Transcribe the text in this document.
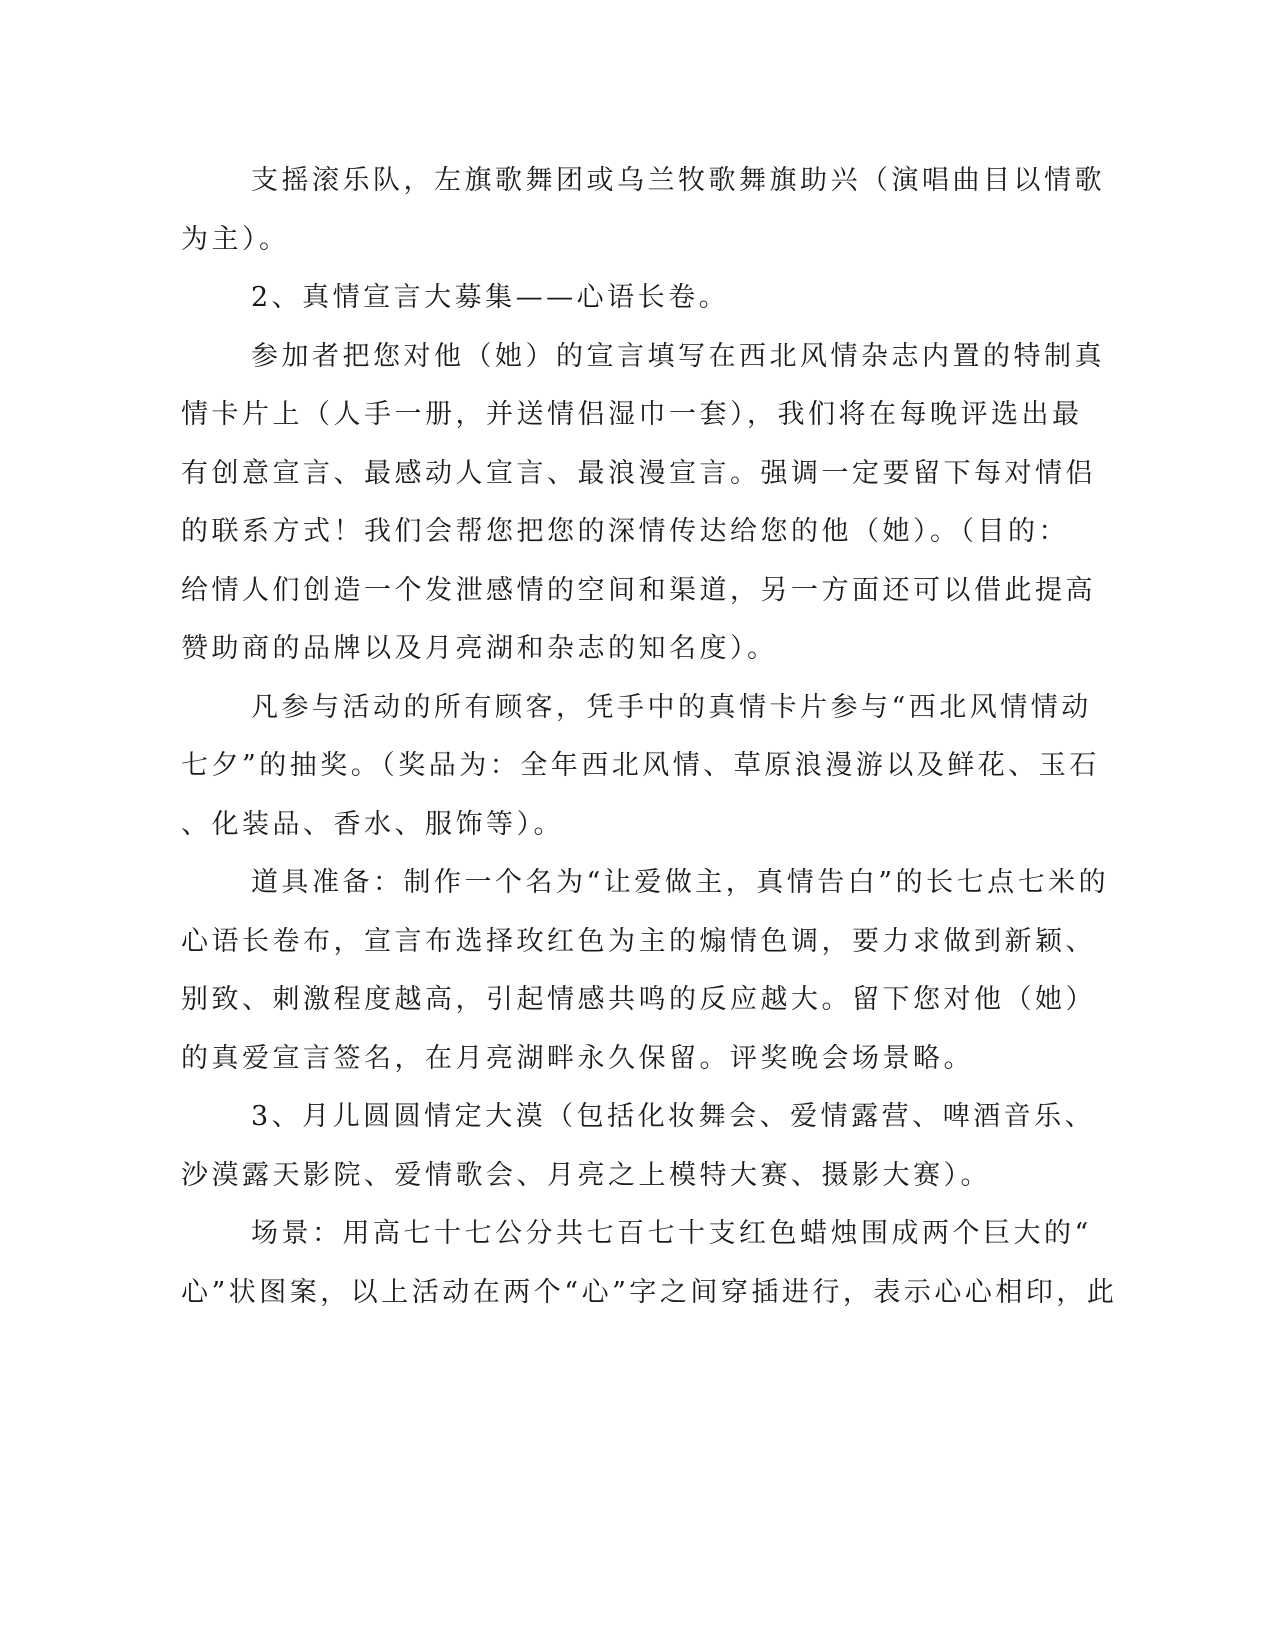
支摇滚乐队，左旗歌舞团或乌兰牧歌舞旗助兴（演唱曲目以情歌
为主）。
2、真情宣言大募集——心语长卷。
参加者把您对他（她）的宣言填写在西北风情杂志内置的特制真
情卡片上（人手一册，并送情侣湿巾一套），我们将在每晚评选出最
有创意宣言、最感动人宣言、最浪漫宣言。强调一定要留下每对情侣
的联系方式！我们会帮您把您的深情传达给您的他（她）。（目的：
给情人们创造一个发泄感情的空间和渠道，另一方面还可以借此提高
赞助商的品牌以及月亮湖和杂志的知名度）。
凡参与活动的所有顾客，凭手中的真情卡片参与“西北风情情动
七夕”的抽奖。（奖品为：全年西北风情、草原浪漫游以及鲜花、玉石
、化装品、香水、服饰等）。
道具准备：制作一个名为“让爱做主，真情告白”的长七点七米的
心语长卷布，宣言布选择玫红色为主的煽情色调，要力求做到新颖、
别致、刺激程度越高，引起情感共鸣的反应越大。留下您对他（她）
的真爱宣言签名，在月亮湖畔永久保留。评奖晚会场景略。
3、月儿圆圆情定大漠（包括化妆舞会、爱情露营、啤酒音乐、
沙漠露天影院、爱情歌会、月亮之上模特大赛、摄影大赛）。
场景：用高七十七公分共七百七十支红色蜡烛围成两个巨大的“
心”状图案，以上活动在两个“心”字之间穿插进行，表示心心相印，此
